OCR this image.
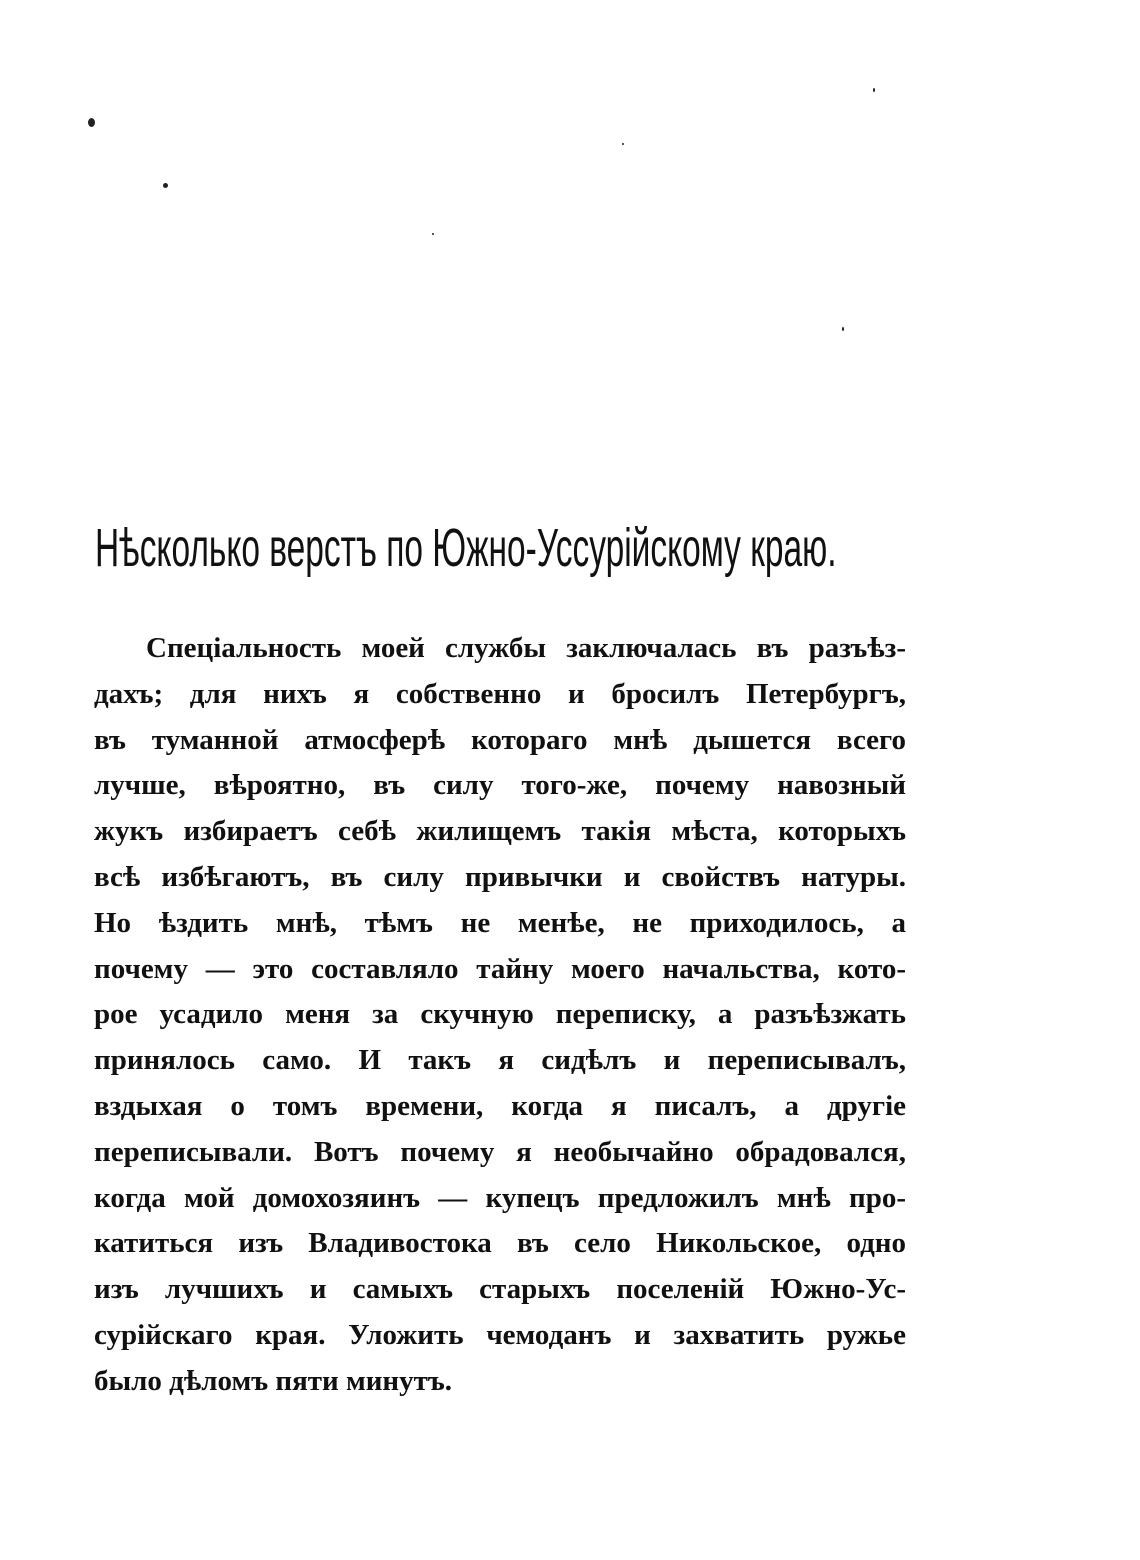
Нѣсколько верстъ по Южно-Уссурійскому краю.
Спеціальность моей службы заключалась въ разъѣз-
дахъ; для нихъ я собственно и бросилъ Петербургъ,
въ туманной атмосферѣ котораго мнѣ дышется всего
лучше, вѣроятно, въ силу того-же, почему навозный
жукъ избираетъ себѣ жилищемъ такія мѣста, которыхъ
всѣ избѣгаютъ, въ силу привычки и свойствъ натуры.
Но ѣздить мнѣ, тѣмъ не менѣе, не приходилось, а
почему — это составляло тайну моего начальства, кото-
рое усадило меня за скучную переписку, а разъѣзжать
принялось само. И такъ я сидѣлъ и переписывалъ,
вздыхая о томъ времени, когда я писалъ, а другіе
переписывали. Вотъ почему я необычайно обрадовался,
когда мой домохозяинъ — купецъ предложилъ мнѣ про-
катиться изъ Владивостока въ село Никольское, одно
изъ лучшихъ и самыхъ старыхъ поселеній Южно-Ус-
сурійскаго края. Уложить чемоданъ и захватить ружье
было дѣломъ пяти минутъ.
